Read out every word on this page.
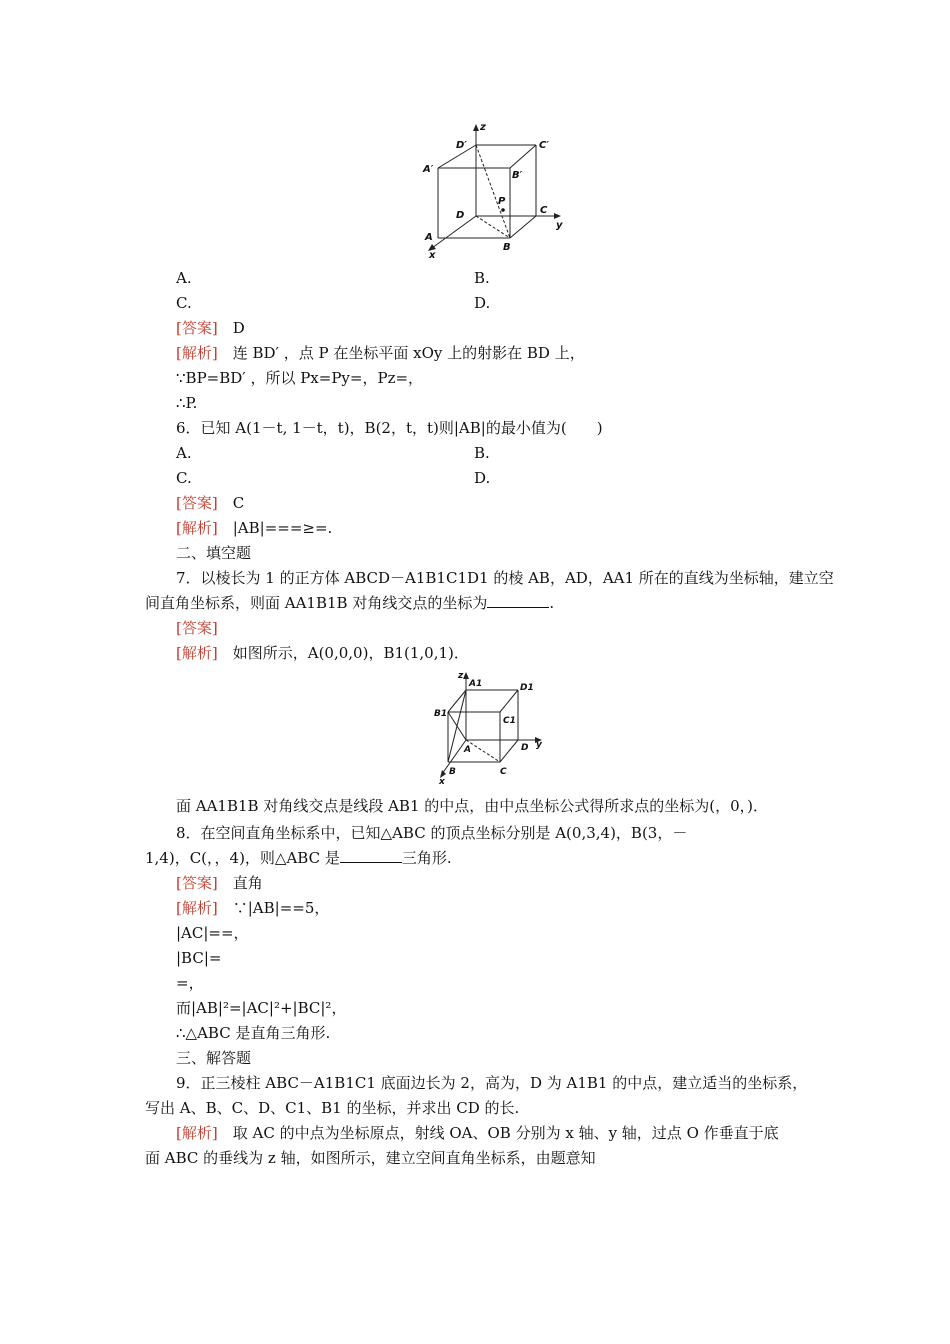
z
D′	C′
A′
B′
P
D	C
y
A
B
x
A.	B.
C.	D.
[答案]　 D
[解析]　 连 BD′ ，点 P 在坐标平面 xOy 上的射影在 BD 上，
∵BP=BD′ ，所以 Px=Py=，Pz=，
∴P.
6．已知 A(1－t, 1－t，t)，B(2，t，t)则|AB|的最小值为(　　)
A.	B.
C.	D.
[答案]　 C
[解析]　 |AB|===≥=.
二、填空题
7．以棱长为 1 的正方体 ABCD－A1B1C1D1 的棱 AB，AD，AA1 所在的直线为坐标轴，建立空
间直角坐标系，则面 AA1B1B 对角线交点的坐标为	.
[答案]
[解析]　 如图所示，A(0,0,0)，B1(1,0,1)．
z
A1	D1
B1
C1
A	D y
B	C
x
面 AA1B1B 对角线交点是线段 AB1 的中点，由中点坐标公式得所求点的坐标为(，0，)．
8．在空间直角坐标系中，已知△ABC 的顶点坐标分别是 A(0,3,4)，B(3，－
1,4)，C(，，4)，则△ABC 是	三角形.
[答案]　 直角
[解析]　 ∵|AB|==5，
|AC|==，
|BC|=
=，
而|AB|²=|AC|²+|BC|²，
∴△ABC 是直角三角形.
三、解答题
9．正三棱柱 ABC－A1B1C1 底面边长为 2，高为，D 为 A1B1 的中点，建立适当的坐标系，
写出 A、B、C、D、C1、B1 的坐标，并求出 CD 的长.
[解析]　 取 AC 的中点为坐标原点，射线 OA、OB 分别为 x 轴、y 轴，过点 O 作垂直于底
面 ABC 的垂线为 z 轴，如图所示，建立空间直角坐标系，由题意知
